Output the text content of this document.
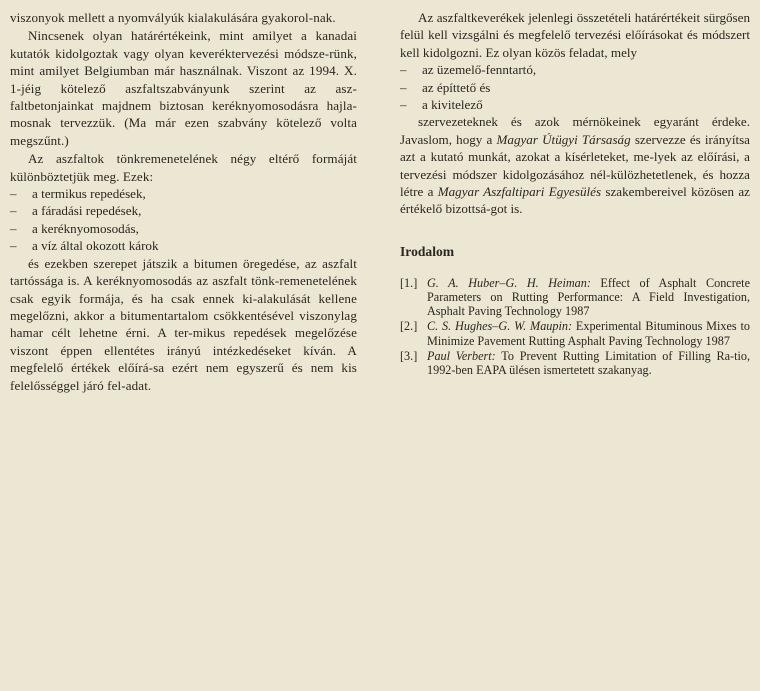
viszonyok mellett a nyomvályúk kialakulására gyakorol-nak.

Nincsenek olyan határértékeink, mint amilyet a kanadai kutatók kidolgoztak vagy olyan keveréktervezési módsze-rünk, mint amilyet Belgiumban már használnak. Viszont az 1994. X. 1-jéig kötelező aszfaltszabványunk szerint az asz-faltbetonjainkat majdnem biztosan keréknyomosodásra hajla-mosnak tervezzük. (Ma már ezen szabvány kötelező volta megszűnt.)

Az aszfaltok tönkremenetelének négy eltérő formáját különböztetjük meg. Ezek:

–	a termikus repedések,
–	a fáradási repedések,
–	a keréknyomosodás,
–	a víz által okozott károk

és ezekben szerepet játszik a bitumen öregedése, az aszfalt tartóssága is. A keréknyomosodás az aszfalt tönk-remenetelének csak egyik formája, és ha csak ennek ki-alakulását kellene megelőzni, akkor a bitumentartalom csökkentésével viszonylag hamar célt lehetne érni. A ter-mikus repedések megelőzése viszont éppen ellentétes irányú intézkedéseket kíván. A megfelelő értékek előírá-sa ezért nem egyszerű és nem kis felelősséggel járó fel-adat.

Az aszfaltkeverékek jelenlegi összetételi határértékeit sürgősen felül kell vizsgálni és megfelelő tervezési előírásokat és módszert kell kidolgozni. Ez olyan közös feladat, mely

–	az üzemelő-fenntartó,
–	az építtető és
–	a kivitelező

szervezeteknek és azok mérnökeinek egyaránt érdeke. Javaslom, hogy a Magyar Útügyi Társaság szervezze és irányítsa azt a kutató munkát, azokat a kísérleteket, me-lyek az előírási, a tervezési módszer kidolgozásához nél-külözhetetlenek, és hozza létre a Magyar Aszfaltipari Egyesülés szakembereivel közösen az értékelő bizottsá-got is.

Irodalom
[1.] G. A. Huber–G. H. Heiman: Effect of Asphalt Concrete Parameters on Rutting Performance: A Field Investigation, Asphalt Paving Technology 1987
[2.] C. S. Hughes–G. W. Maupin: Experimental Bituminous Mixes to Minimize Pavement Rutting Asphalt Paving Technology 1987
[3.] Paul Verbert: To Prevent Rutting Limitation of Filling Ra-tio, 1992-ben EAPA ülésen ismertetett szakanyag.
